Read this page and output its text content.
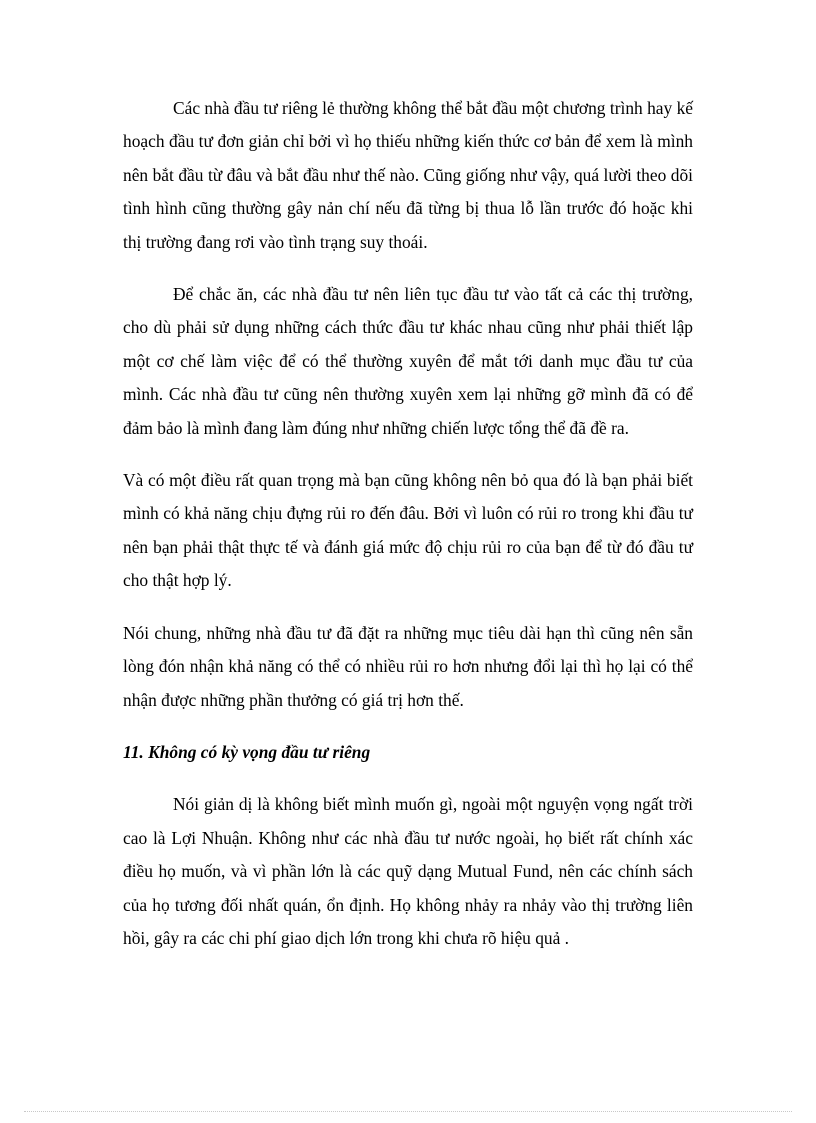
Các nhà đầu tư riêng lẻ thường không thể bắt đầu một chương trình hay kế hoạch đầu tư đơn giản chỉ bởi vì họ thiếu những kiến thức cơ bản để xem là mình nên bắt đầu từ đâu và bắt đầu như thế nào. Cũng giống như vậy, quá lười theo dõi tình hình cũng thường gây nản chí nếu đã từng bị thua lỗ lần trước đó hoặc khi thị trường đang rơi vào tình trạng suy thoái.

Để chắc ăn, các nhà đầu tư nên liên tục đầu tư vào tất cả các thị trường, cho dù phải sử dụng những cách thức đầu tư khác nhau cũng như phải thiết lập một cơ chế làm việc để có thể thường xuyên để mắt tới danh mục đầu tư của mình. Các nhà đầu tư cũng nên thường xuyên xem lại những gỡ mình đã có để đảm bảo là mình đang làm đúng như những chiến lược tổng thể đã đề ra.

Và có một điều rất quan trọng mà bạn cũng không nên bỏ qua đó là bạn phải biết mình có khả năng chịu đựng rủi ro đến đâu. Bởi vì luôn có rủi ro trong khi đầu tư nên bạn phải thật thực tế và đánh giá mức độ chịu rủi ro của bạn để từ đó đầu tư cho thật hợp lý.

Nói chung, những nhà đầu tư đã đặt ra những mục tiêu dài hạn thì cũng nên sẵn lòng đón nhận khả năng có thể có nhiều rủi ro hơn nhưng đổi lại thì họ lại có thể nhận được những phần thưởng có giá trị hơn thế.

11. Không có kỳ vọng đầu tư riêng

Nói giản dị là không biết mình muốn gì, ngoài một nguyện vọng ngất trời cao là Lợi Nhuận. Không như các nhà đầu tư nước ngoài, họ biết rất chính xác điều họ muốn, và vì phần lớn là các quỹ dạng Mutual Fund, nên các chính sách của họ tương đối nhất quán, ổn định. Họ không nhảy ra nhảy vào thị trường liên hồi, gây ra các chi phí giao dịch lớn trong khi chưa rõ hiệu quả .
